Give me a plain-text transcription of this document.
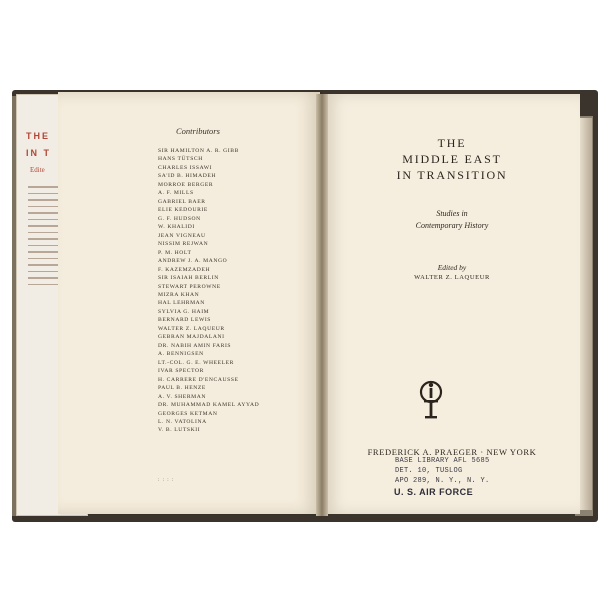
THE
IN T
Edite
Contributors
SIR HAMILTON A. R. GIBB
HANS TÜTSCH
CHARLES ISSAWI
SA'ID B. HIMADEH
MORROE BERGER
A. F. MILLS
GABRIEL BAER
ELIE KEDOURIE
G. F. HUDSON
W. KHALIDI
JEAN VIGNEAU
NISSIM REJWAN
P. M. HOLT
ANDREW J. A. MANGO
F. KAZEMZADEH
SIR ISAIAH BERLIN
STEWART PEROWNE
MIZRA KHAN
HAL LEHRMAN
SYLVIA G. HAIM
BERNARD LEWIS
WALTER Z. LAQUEUR
GEBRAN MAJDALANI
DR. NABIH AMIN FARIS
A. BENNIGSEN
LT.-COL. G. E. WHEELER
IVAR SPECTOR
H. CARRERE D'ENCAUSSE
PAUL B. HENZE
A. V. SHERMAN
DR. MUHAMMAD KAMEL AYYAD
GEORGES KETMAN
L. N. VATOLINA
V. B. LUTSKII
: : : :
THE
MIDDLE EAST
IN TRANSITION
Studies in
Contemporary History
Edited by
WALTER Z. LAQUEUR
FREDERICK A. PRAEGER · NEW YORK
BASE LIBRARY AFL 5685
DET. 10, TUSLOG
APO 289, N. Y., N. Y.
U. S. AIR FORCE
